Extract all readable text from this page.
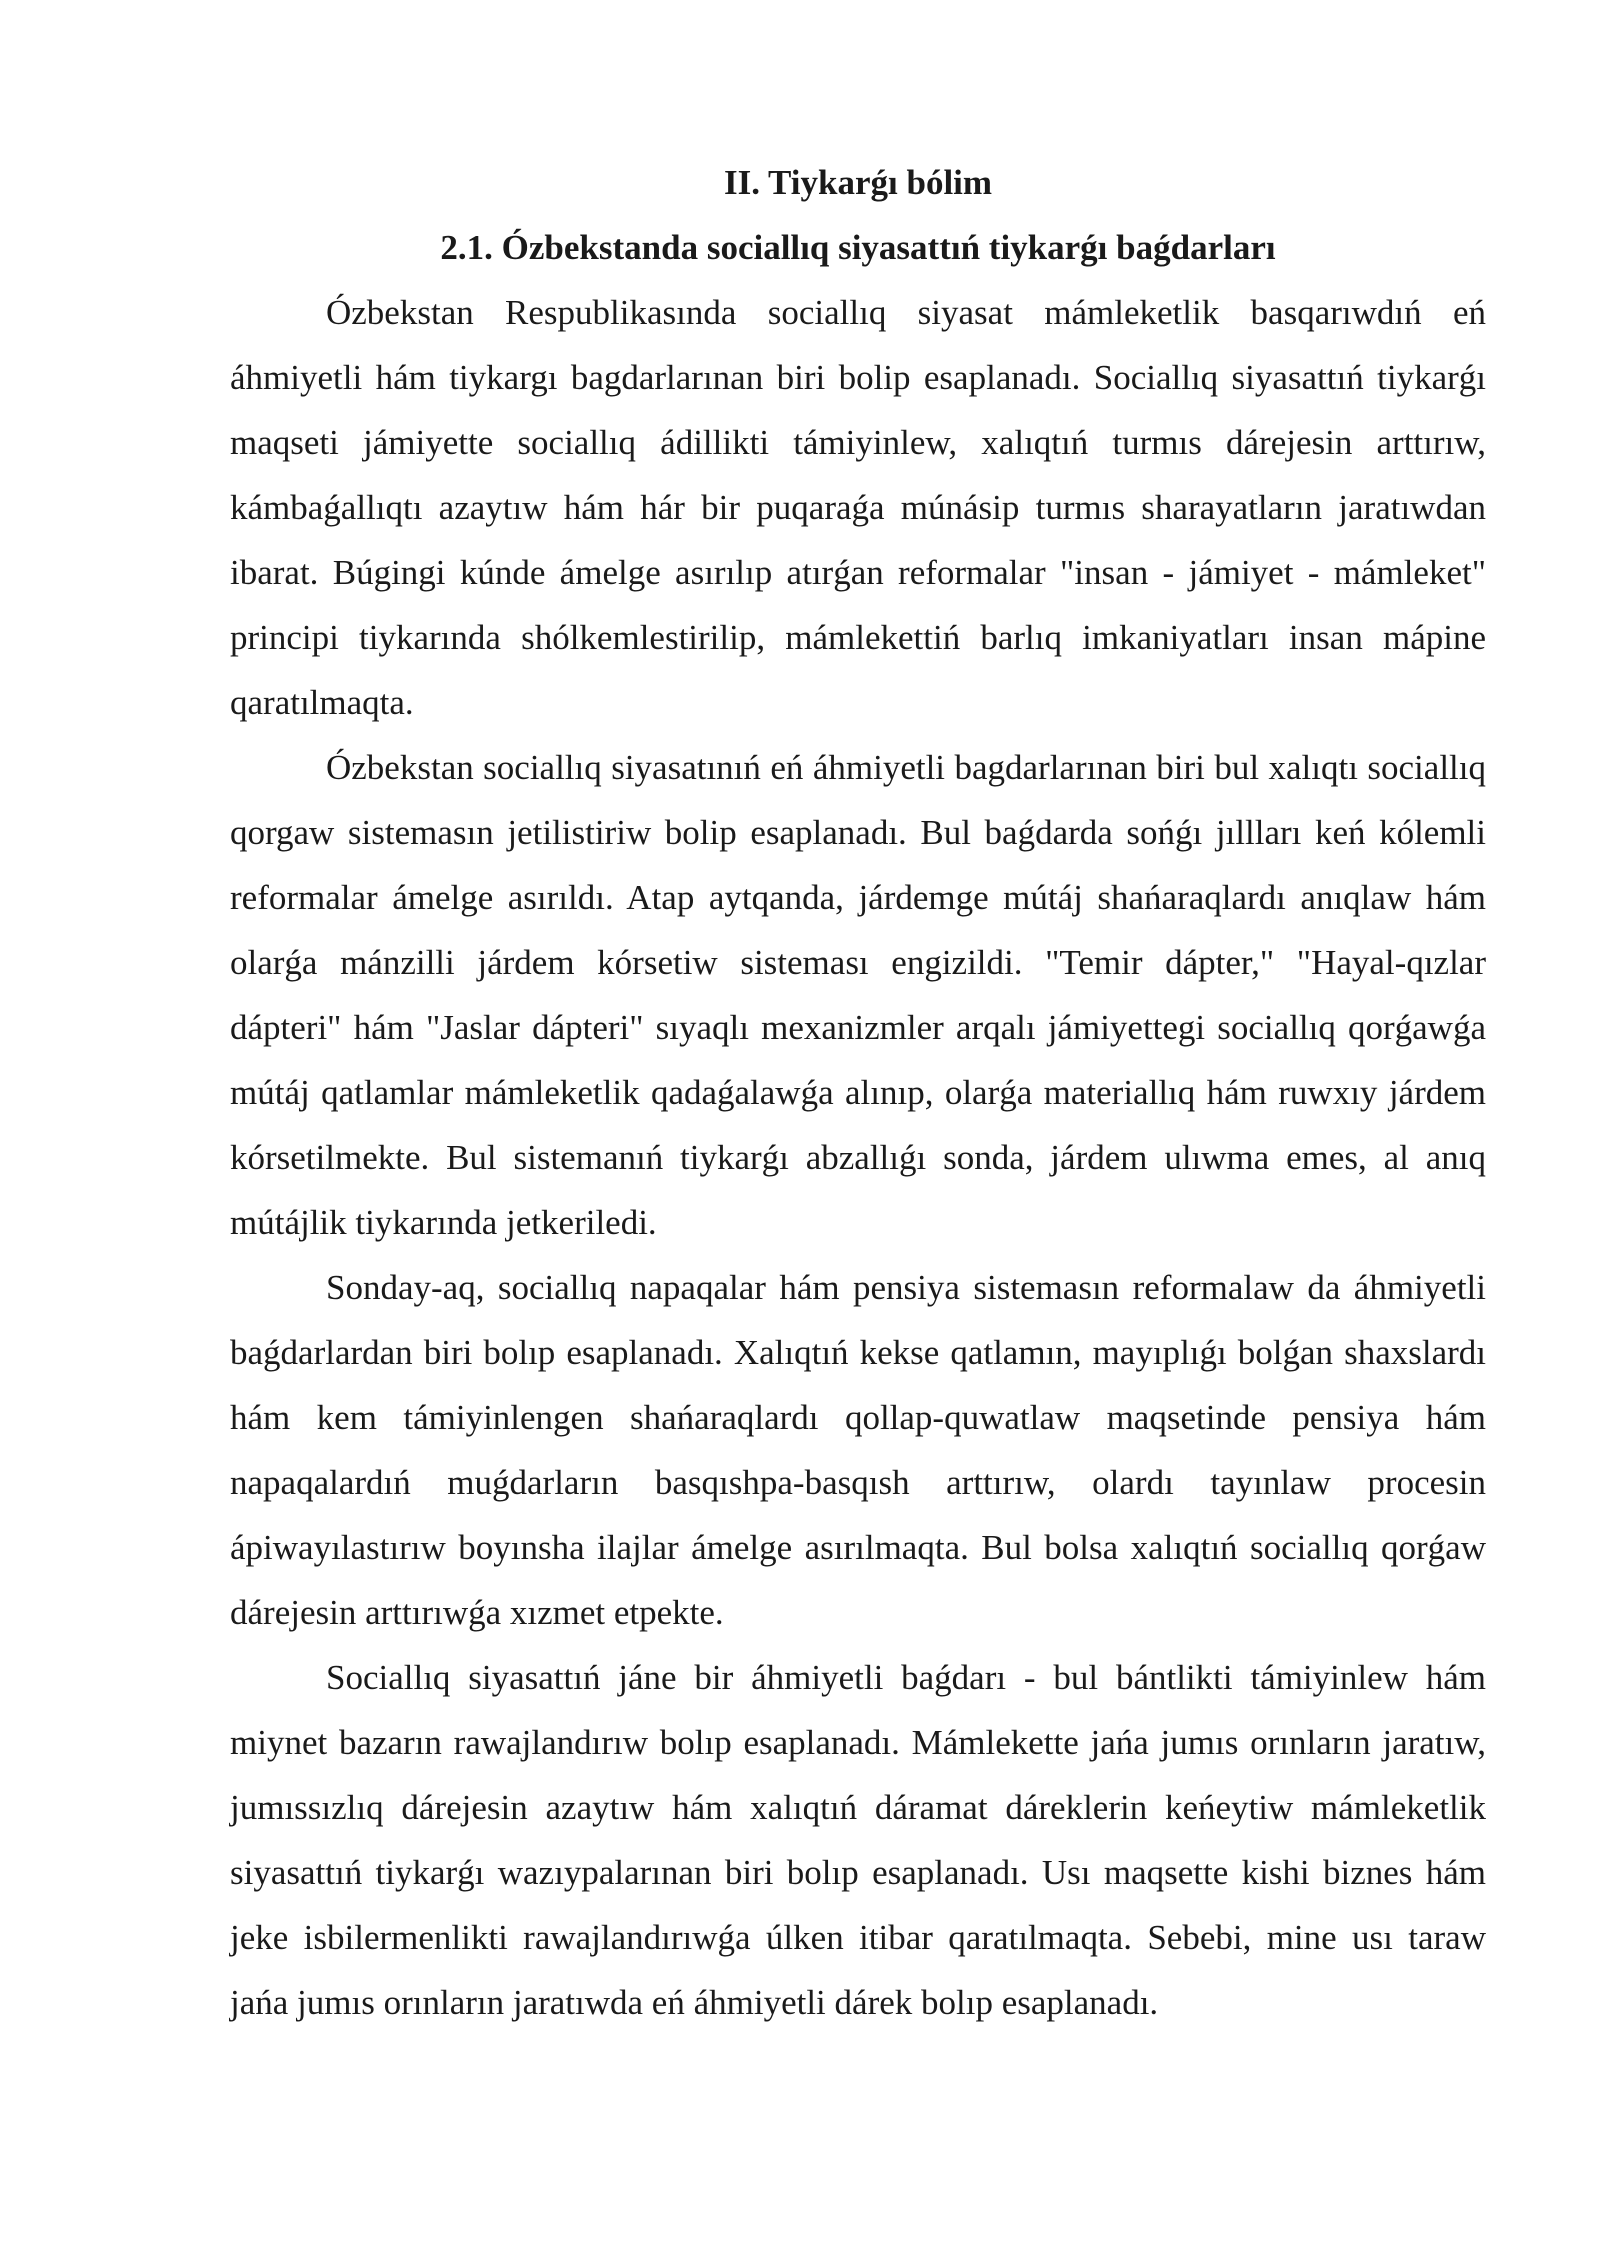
II. Tiykarǵı bólim
2.1. Ózbekstanda sociallıq siyasattıń tiykarǵı baǵdarları

Ózbekstan Respublikasında sociallıq siyasat mámleketlik basqarıwdıń eń áhmiyetli hám tiykargı bagdarlarınan biri bolip esaplanadı. Sociallıq siyasattıń tiykarǵı maqseti jámiyette sociallıq ádillikti támiyinlew, xalıqtıń turmıs dárejesin arttırıw, kámbaǵallıqtı azaytıw hám hár bir puqaraǵa múnásip turmıs sharayatların jaratıwdan ibarat. Búgingi kúnde ámelge asırılıp atırǵan reformalar "insan - jámiyet - mámleket" principi tiykarında shólkemlestirilip, mámlekettiń barlıq imkaniyatları insan mápine qaratılmaqta.

Ózbekstan sociallıq siyasatınıń eń áhmiyetli bagdarlarınan biri bul xalıqtı sociallıq qorgaw sistemasın jetilistiriw bolip esaplanadı. Bul baǵdarda sońǵı jıllları keń kólemli reformalar ámelge asırıldı. Atap aytqanda, járdemge mútáj shańaraqlardı anıqlaw hám olarǵa mánzilli járdem kórsetiw sisteması engizildi. "Temir dápter," "Hayal-qızlar dápteri" hám "Jaslar dápteri" sıyaqlı mexanizmler arqalı jámiyettegi sociallıq qorǵawǵa mútáj qatlamlar mámleketlik qadaǵalawǵa alınıp, olarǵa materiallıq hám ruwxıy járdem kórsetilmekte. Bul sistemanıń tiykarǵı abzallıǵı sonda, járdem ulıwma emes, al anıq mútájlik tiykarında jetkeriledi.

Sonday-aq, sociallıq napaqalar hám pensiya sistemasın reformalaw da áhmiyetli baǵdarlardan biri bolıp esaplanadı. Xalıqtıń kekse qatlamın, mayıplıǵı bolǵan shaxslardı hám kem támiyinlengen shańaraqlardı qollap-quwatlaw maqsetinde pensiya hám napaqalardıń muǵdarların basqıshpa-basqısh arttırıw, olardı tayınlaw procesin ápiwayılastırıw boyınsha ilajlar ámelge asırılmaqta. Bul bolsa xalıqtıń sociallıq qorǵaw dárejesin arttırıwǵa xızmet etpekte.

Sociallıq siyasattıń jáne bir áhmiyetli baǵdarı - bul bántlikti támiyinlew hám miynet bazarın rawajlandırıw bolıp esaplanadı. Mámlekette jańa jumıs orınların jaratıw, jumıssızlıq dárejesin azaytıw hám xalıqtıń dáramat dáreklerin keńeytiw mámleketlik siyasattıń tiykarǵı wazıypalarınan biri bolıp esaplanadı. Usı maqsette kishi biznes hám jeke isbilermenlikti rawajlandırıwǵa úlken itibar qaratılmaqta. Sebebi, mine usı taraw jańa jumıs orınların jaratıwda eń áhmiyetli dárek bolıp esaplanadı.
